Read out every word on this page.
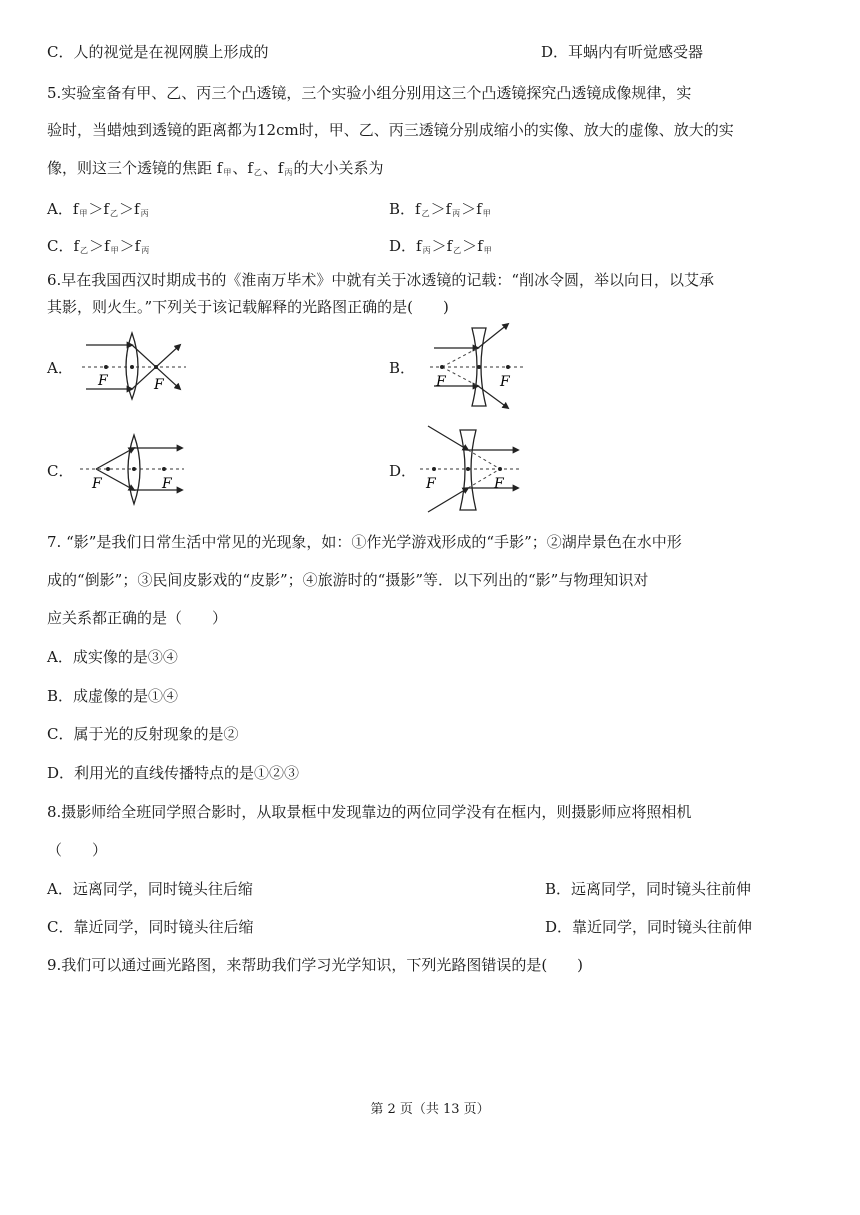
C．人的视觉是在视网膜上形成的	D．耳蜗内有听觉感受器
5.实验室备有甲、乙、丙三个凸透镜，三个实验小组分别用这三个凸透镜探究凸透镜成像规律，实
验时，当蜡烛到透镜的距离都为12cm时，甲、乙、丙三透镜分别成缩小的实像、放大的虚像、放大的实
像，则这三个透镜的焦距 $f_甲$、$f_乙$、$f_丙$的大小关系为
A．$f_甲>f_乙>f_丙$	B．$f_乙>f_丙>f_甲$
C．$f_乙>f_甲>f_丙$	D．$f_丙>f_乙>f_甲$
6.早在我国西汉时期成书的《淮南万毕术》中就有关于冰透镜的记载：“削冰令圆，举以向日，以艾承
其影，则火生。”下列关于该记载解释的光路图正确的是(　　)
A．	B．
C．	D．
F	F	F	F
F	F	F	F
7. “影”是我们日常生活中常见的光现象，如：①作光学游戏形成的“手影”；②湖岸景色在水中形
成的“倒影”；③民间皮影戏的“皮影”；④旅游时的“摄影”等．以下列出的“影”与物理知识对
应关系都正确的是（　　）
A．成实像的是③④
B．成虚像的是①④
C．属于光的反射现象的是②
D．利用光的直线传播特点的是①②③
8.摄影师给全班同学照合影时，从取景框中发现靠边的两位同学没有在框内，则摄影师应将照相机
（　　）
A．远离同学，同时镜头往后缩	B．远离同学，同时镜头往前伸
C．靠近同学，同时镜头往后缩	D．靠近同学，同时镜头往前伸
9.我们可以通过画光路图，来帮助我们学习光学知识，下列光路图错误的是(　　)
第 2 页（共 13 页）
